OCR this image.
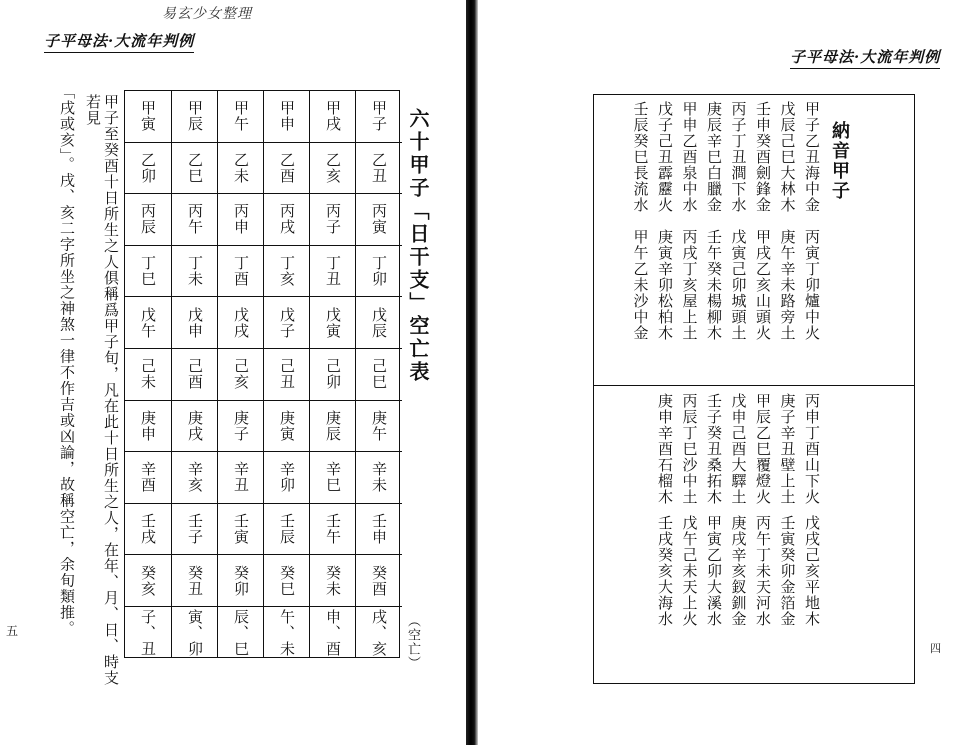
易玄少女整理
子平母法·大流年判例
六十甲子「日干支」空亡表
（空亡）
甲子
乙丑
丙寅
丁卯
戊辰
己巳
庚午
辛未
壬申
癸酉
戌、亥
甲戌
乙亥
丙子
丁丑
戊寅
己卯
庚辰
辛巳
壬午
癸未
申、酉
甲申
乙酉
丙戌
丁亥
戊子
己丑
庚寅
辛卯
壬辰
癸巳
午、未
甲午
乙未
丙申
丁酉
戊戌
己亥
庚子
辛丑
壬寅
癸卯
辰、巳
甲辰
乙巳
丙午
丁未
戊申
己酉
庚戌
辛亥
壬子
癸丑
寅、卯
甲寅
乙卯
丙辰
丁巳
戊午
己未
庚申
辛酉
壬戌
癸亥
子、丑
甲子至癸酉十日所生之人俱稱爲甲子旬，凡在此十日所生之人，在年、月、日、時支若見
「戌或亥」。戌、亥二字所坐之神煞一律不作吉或凶論，故稱空亡，余旬類推。
五
子平母法·大流年判例
納音甲子
甲子乙丑海中金
戊辰己巳大林木
壬申癸酉劍鋒金
丙子丁丑澗下水
庚辰辛巳白臘金
甲申乙酉泉中水
戊子己丑霹靂火
壬辰癸巳長流水
丙寅丁卯爐中火
庚午辛未路旁土
甲戌乙亥山頭火
戊寅己卯城頭土
壬午癸未楊柳木
丙戌丁亥屋上土
庚寅辛卯松柏木
甲午乙未沙中金
丙申丁酉山下火
庚子辛丑壁上土
甲辰乙巳覆燈火
戊申己酉大驛土
壬子癸丑桑拓木
丙辰丁巳沙中土
庚申辛酉石榴木
戊戌己亥平地木
壬寅癸卯金箔金
丙午丁未天河水
庚戌辛亥釵釧金
甲寅乙卯大溪水
戊午己未天上火
壬戌癸亥大海水
四
